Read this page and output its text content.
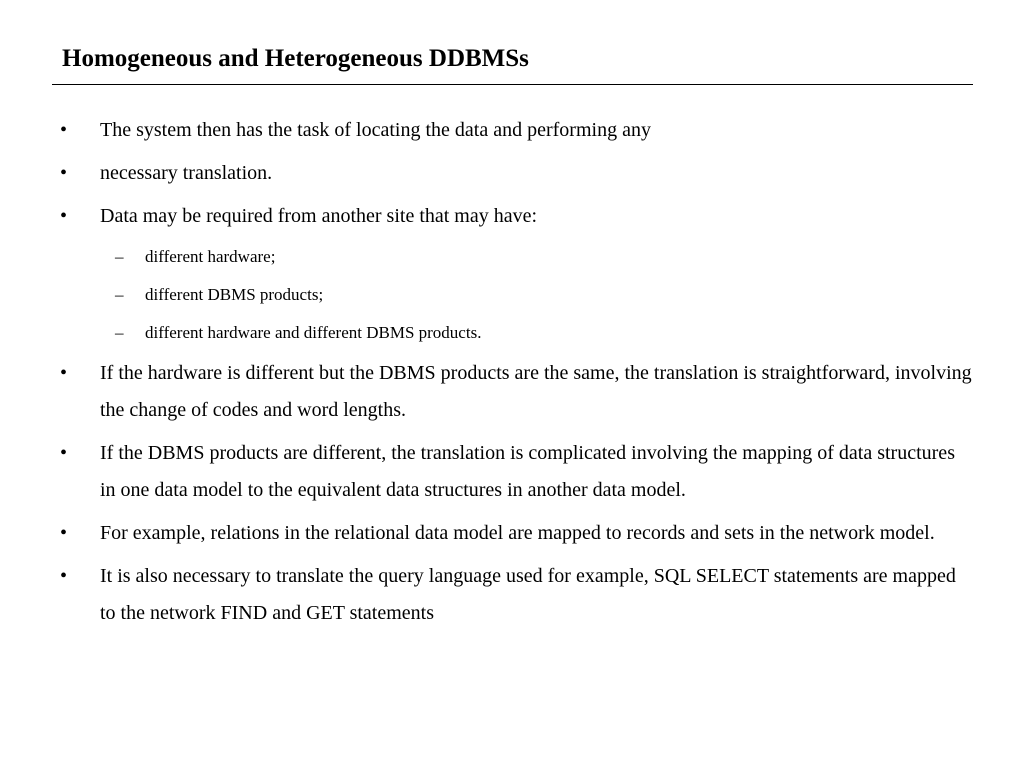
Homogeneous and Heterogeneous DDBMSs
• The system then has the task of locating the data and performing any
• necessary translation.
• Data may be required from another site that may have:
– different hardware;
– different DBMS products;
– different hardware and different DBMS products.
• If the hardware is different but the DBMS products are the same, the translation is straightforward, involving the change of codes and word lengths.
• If the DBMS products are different, the translation is complicated involving the mapping of data structures in one data model to the equivalent data structures in another data model.
• For example, relations in the relational data model are mapped to records and sets in the network model.
• It is also necessary to translate the query language used for example, SQL SELECT statements are mapped to the network FIND and GET statements
